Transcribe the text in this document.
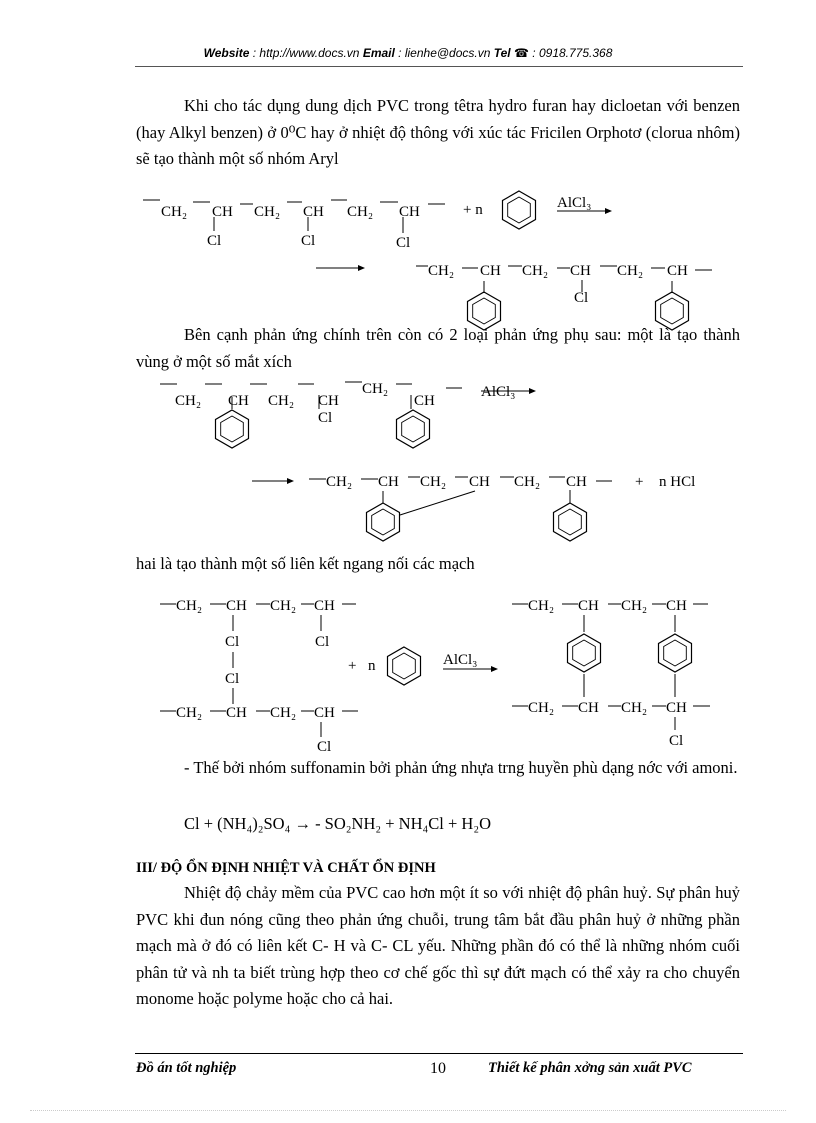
Website : http://www.docs.vn Email : lienhe@docs.vn Tel ☎ : 0918.775.368

Khi cho tác dụng dung dịch PVC trong têtra hydro furan hay dicloetan với benzen (hay Alkyl benzen) ở 0⁰C hay ở nhiệt độ thông với xúc tác Fricilen Orphotơ (clorua nhôm) sẽ tạo thành một số nhóm Aryl

Bên cạnh phản ứng chính trên còn có 2 loại phản ứng phụ sau: một là tạo thành vùng ở một số mắt xích

hai là tạo thành một số liên kết ngang nối các mạch

- Thế bởi nhóm suffonamin bởi phản ứng nhựa trng huyền phù dạng nớc với amoni.

Cl + (NH₄)₂SO₄ → - SO₂NH₂ + NH₄Cl + H₂O
III/ ĐỘ ỔN ĐỊNH NHIỆT VÀ CHẤT ỔN ĐỊNH

Nhiệt độ chảy mềm của PVC cao hơn một ít so với nhiệt độ phân huỷ. Sự phân huỷ PVC khi đun nóng cũng theo phản ứng chuỗi, trung tâm bắt đầu phân huỷ ở những phần mạch mà ở đó có liên kết C- H và C- CL yếu. Những phần đó có thể là những nhóm cuối phân tử và nh ta biết trùng hợp theo cơ chế gốc thì sự đứt mạch có thể xảy ra cho chuyển monome hoặc polyme hoặc cho cả hai.

CH₂ CH CH₂ CH CH₂ CH
Cl	Cl	Cl
+ n	AlCl₃
CH₂ CH CH₂ CH CH₂ CH
Cl
CH₂ CH CH₂ CH
CH₂
CH
Cl
AlCl₃
CH₂ CH CH₂ CH CH₂ CH	+ n HCl
CH₂ CH CH₂ CH
Cl	Cl
Cl
CH₂ CH CH₂ CH
Cl
+ n	AlCl₃
CH₂ CH CH₂ CH
CH₂ CH CH₂ CH
Cl
Đồ án tốt nghiệp	10	Thiết kế phân xởng sản xuất PVC
